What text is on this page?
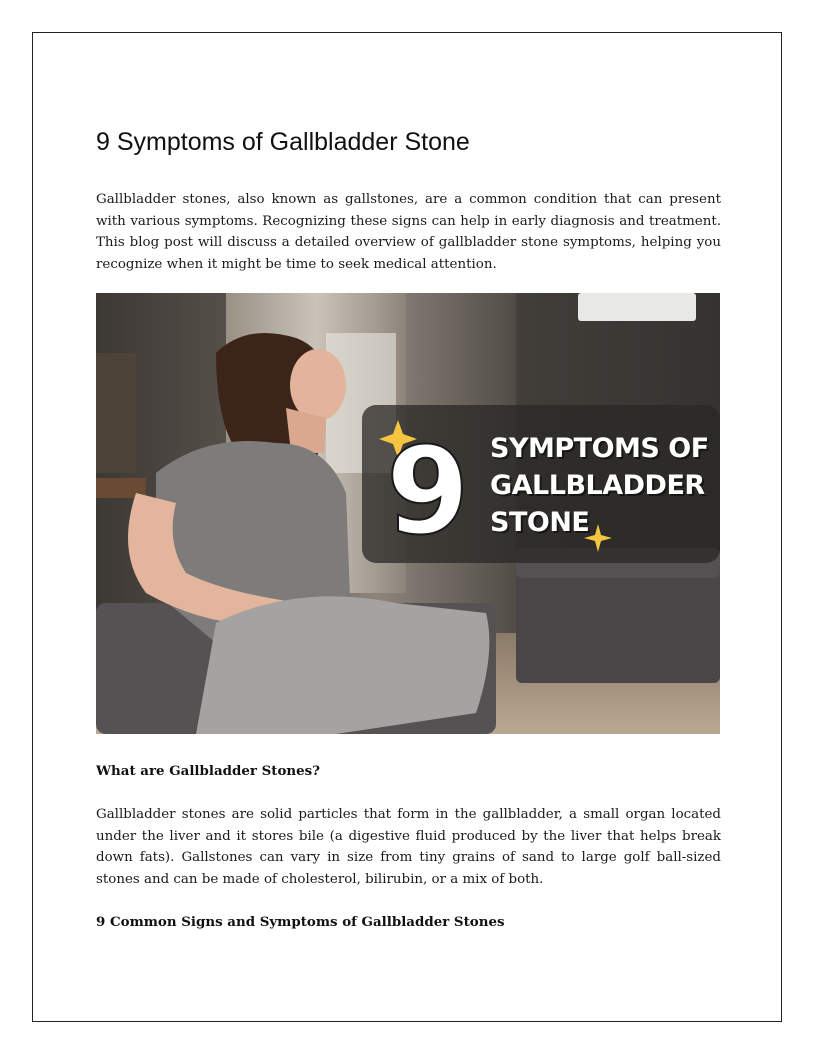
9 Symptoms of Gallbladder Stone

Gallbladder stones, also known as gallstones, are a common condition that can present with various symptoms. Recognizing these signs can help in early diagnosis and treatment. This blog post will discuss a detailed overview of gallbladder stone symptoms, helping you recognize when it might be time to seek medical attention.

9 SYMPTOMS OF
GALLBLADDER
STONE
What are Gallbladder Stones?

Gallbladder stones are solid particles that form in the gallbladder, a small organ located under the liver and it stores bile (a digestive fluid produced by the liver that helps break down fats). Gallstones can vary in size from tiny grains of sand to large golf ball-sized stones and can be made of cholesterol, bilirubin, or a mix of both.

9 Common Signs and Symptoms of Gallbladder Stones
